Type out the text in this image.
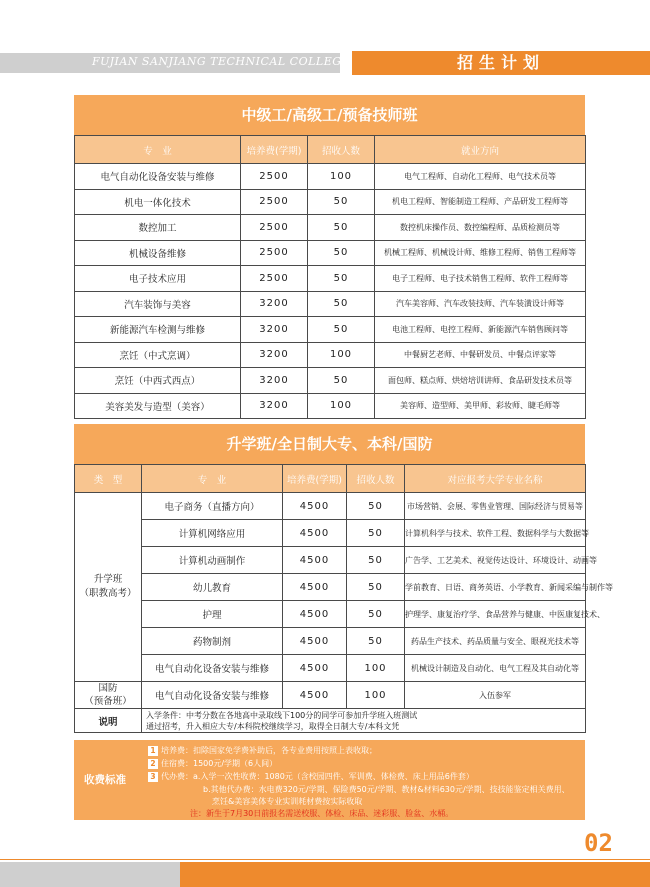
FUJIAN SANJIANG TECHNICAL COLLEGE	招生计划
中级工/高级工/预备技师班
专　业	培养费(学期)	招收人数	就业方向
电气自动化设备安装与维修	2500	100	电气工程师、自动化工程师、电气技术员等
机电一体化技术	2500	50	机电工程师、智能制造工程师、产品研发工程师等
数控加工	2500	50	数控机床操作员、数控编程师、品质检测员等
机械设备维修	2500	50	机械工程师、机械设计师、维修工程师、销售工程师等
电子技术应用	2500	50	电子工程师、电子技术销售工程师、软件工程师等
汽车装饰与美容	3200	50	汽车美容师、汽车改装技师、汽车装潢设计师等
新能源汽车检测与维修	3200	50	电池工程师、电控工程师、新能源汽车销售顾问等
烹饪（中式烹调）	3200	100	中餐厨艺老师、中餐研发员、中餐点评家等
烹饪（中西式西点）	3200	50	面包师、糕点师、烘焙培训讲师、食品研发技术员等
美容美发与造型（美容）	3200	100	美容师、造型师、美甲师、彩妆师、睫毛师等
升学班/全日制大专、本科/国防
类　型	专　业	培养费(学期)	招收人数	对应报考大学专业名称
升学班
（职教高考）	电子商务（直播方向）	4500	50	市场营销、会展、零售业管理、国际经济与贸易等
	计算机网络应用	4500	50	计算机科学与技术、软件工程、数据科学与大数据等
	计算机动画制作	4500	50	广告学、工艺美术、视觉传达设计、环境设计、动画等
	幼儿教育	4500	50	学前教育、日语、商务英语、小学教育、新闻采编与制作等
	护理	4500	50	护理学、康复治疗学、食品营养与健康、中医康复技术、
	药物制剂	4500	50	药品生产技术、药品质量与安全、眼视光技术等
	电气自动化设备安装与维修	4500	100	机械设计制造及自动化、电气工程及其自动化等
国防
（预备班）	电气自动化设备安装与维修	4500	100	入伍参军
说明	入学条件：中考分数在各地高中录取线下100分的同学可参加升学班入班测试
通过招考，升入相应大专/本科院校继续学习，取得全日制大专/本科文凭			
收费标准
1 培养费：扣除国家免学费补助后，各专业费用按照上表收取；
2 住宿费：1500元/学期（6人间）
3 代办费：a.入学一次性收费：1080元（含校园四件、军训费、体检费、床上用品6件套）
b.其他代办费：水电费320元/学期、保险费50元/学期、教材&材料630元/学期、技技能鉴定相关费用、
烹饪&美容美体专业实训耗材费按实际收取
注：新生于7月30日前报名需送校服、体检、床品、迷彩服、脸盆、水桶。
02
